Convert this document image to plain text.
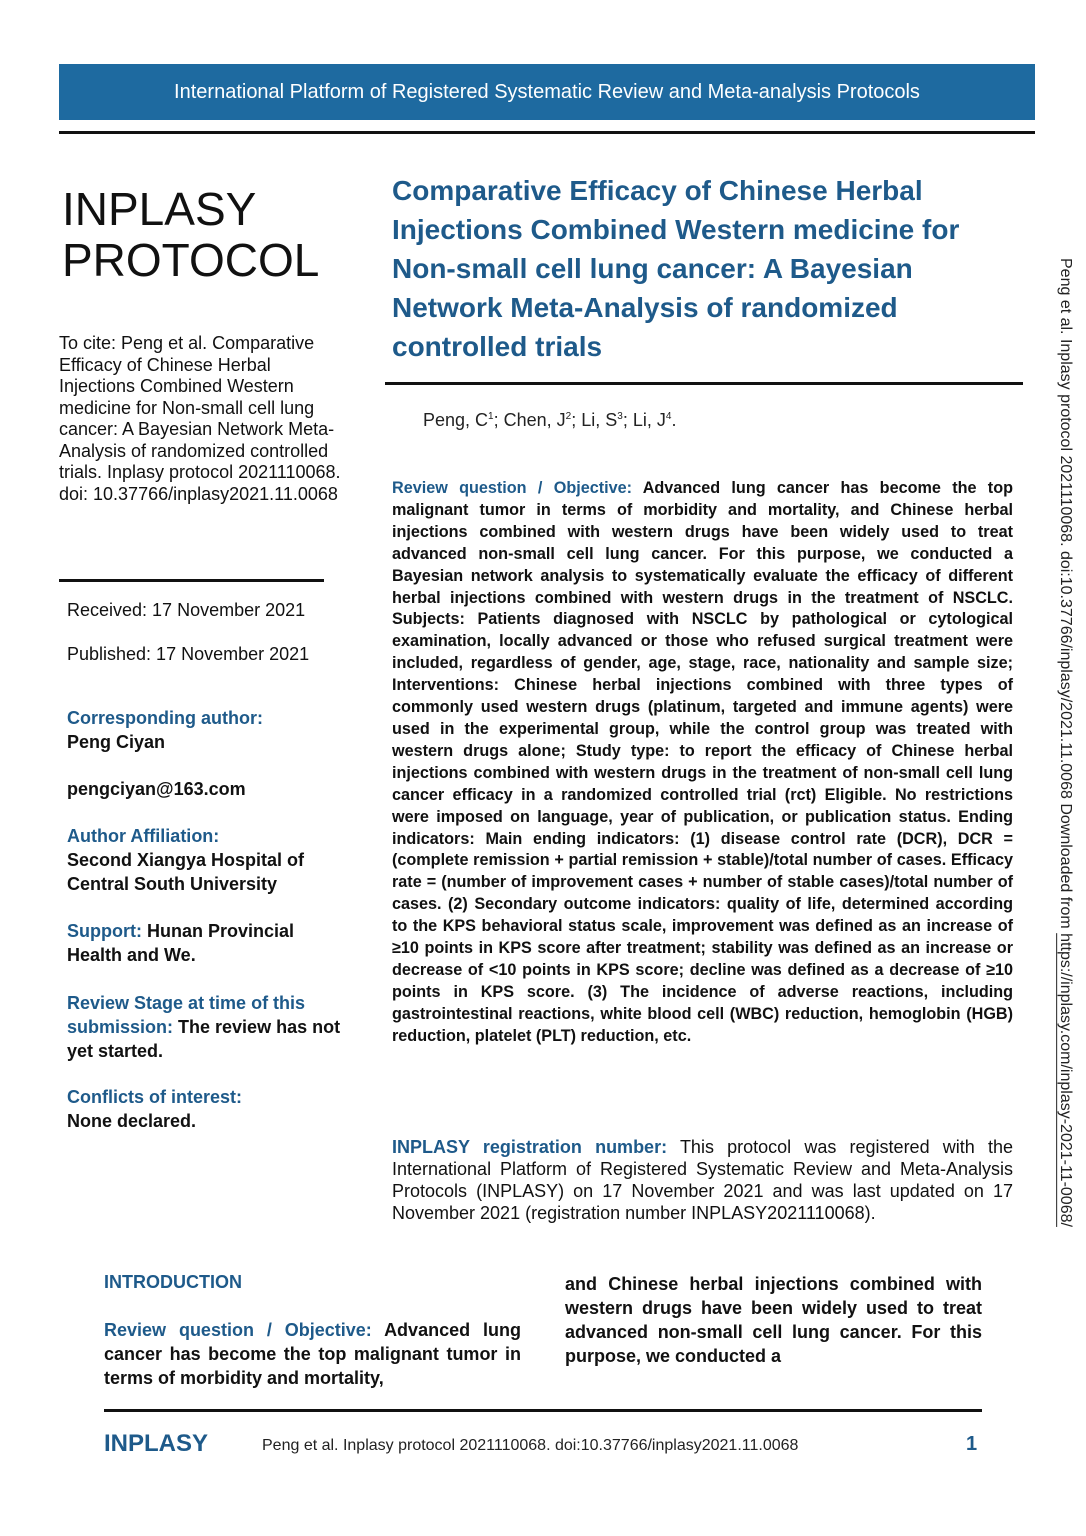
International Platform of Registered Systematic Review and Meta-analysis Protocols
INPLASY
PROTOCOL
To cite: Peng et al. Comparative Efficacy of Chinese Herbal Injections Combined Western medicine for Non-small cell lung cancer: A Bayesian Network Meta-Analysis of randomized controlled trials. Inplasy protocol 2021110068. doi: 10.37766/inplasy2021.11.0068
Received: 17 November 2021
Published: 17 November 2021
Corresponding author:
Peng Ciyan
pengciyan@163.com
Author Affiliation:
Second Xiangya Hospital of Central South University
Support: Hunan Provincial Health and We.
Review Stage at time of this submission: The review has not yet started.
Conflicts of interest:
None declared.
Comparative Efficacy of Chinese Herbal Injections Combined Western medicine for Non-small cell lung cancer: A Bayesian Network Meta-Analysis of randomized controlled trials
Peng, $C^1$; Chen, $J^2$; Li, $S^3$; Li, $J^4$.
Review question / Objective: Advanced lung cancer has become the top malignant tumor in terms of morbidity and mortality, and Chinese herbal injections combined with western drugs have been widely used to treat advanced non-small cell lung cancer. For this purpose, we conducted a Bayesian network analysis to systematically evaluate the efficacy of different herbal injections combined with western drugs in the treatment of NSCLC. Subjects: Patients diagnosed with NSCLC by pathological or cytological examination, locally advanced or those who refused surgical treatment were included, regardless of gender, age, stage, race, nationality and sample size; Interventions: Chinese herbal injections combined with three types of commonly used western drugs (platinum, targeted and immune agents) were used in the experimental group, while the control group was treated with western drugs alone; Study type: to report the efficacy of Chinese herbal injections combined with western drugs in the treatment of non-small cell lung cancer efficacy in a randomized controlled trial (rct) Eligible. No restrictions were imposed on language, year of publication, or publication status. Ending indicators: Main ending indicators: (1) disease control rate (DCR), DCR = (complete remission + partial remission + stable)/total number of cases. Efficacy rate = (number of improvement cases + number of stable cases)/total number of cases. (2) Secondary outcome indicators: quality of life, determined according to the KPS behavioral status scale, improvement was defined as an increase of ≥10 points in KPS score after treatment; stability was defined as an increase or decrease of <10 points in KPS score; decline was defined as a decrease of ≥10 points in KPS score. (3) The incidence of adverse reactions, including gastrointestinal reactions, white blood cell (WBC) reduction, hemoglobin (HGB) reduction, platelet (PLT) reduction, etc.
INPLASY registration number: This protocol was registered with the International Platform of Registered Systematic Review and Meta-Analysis Protocols (INPLASY) on 17 November 2021 and was last updated on 17 November 2021 (registration number INPLASY2021110068).
INTRODUCTION
Review question / Objective: Advanced lung cancer has become the top malignant tumor in terms of morbidity and mortality,
and Chinese herbal injections combined with western drugs have been widely used to treat advanced non-small cell lung cancer. For this purpose, we conducted a
INPLASY	Peng et al. Inplasy protocol 2021110068. doi:10.37766/inplasy2021.11.0068	1
Peng et al. Inplasy protocol 2021110068. doi:10.37766/inplasy/2021.11.0068 Downloaded from https://inplasy.com/inplasy-2021-11-0068/
